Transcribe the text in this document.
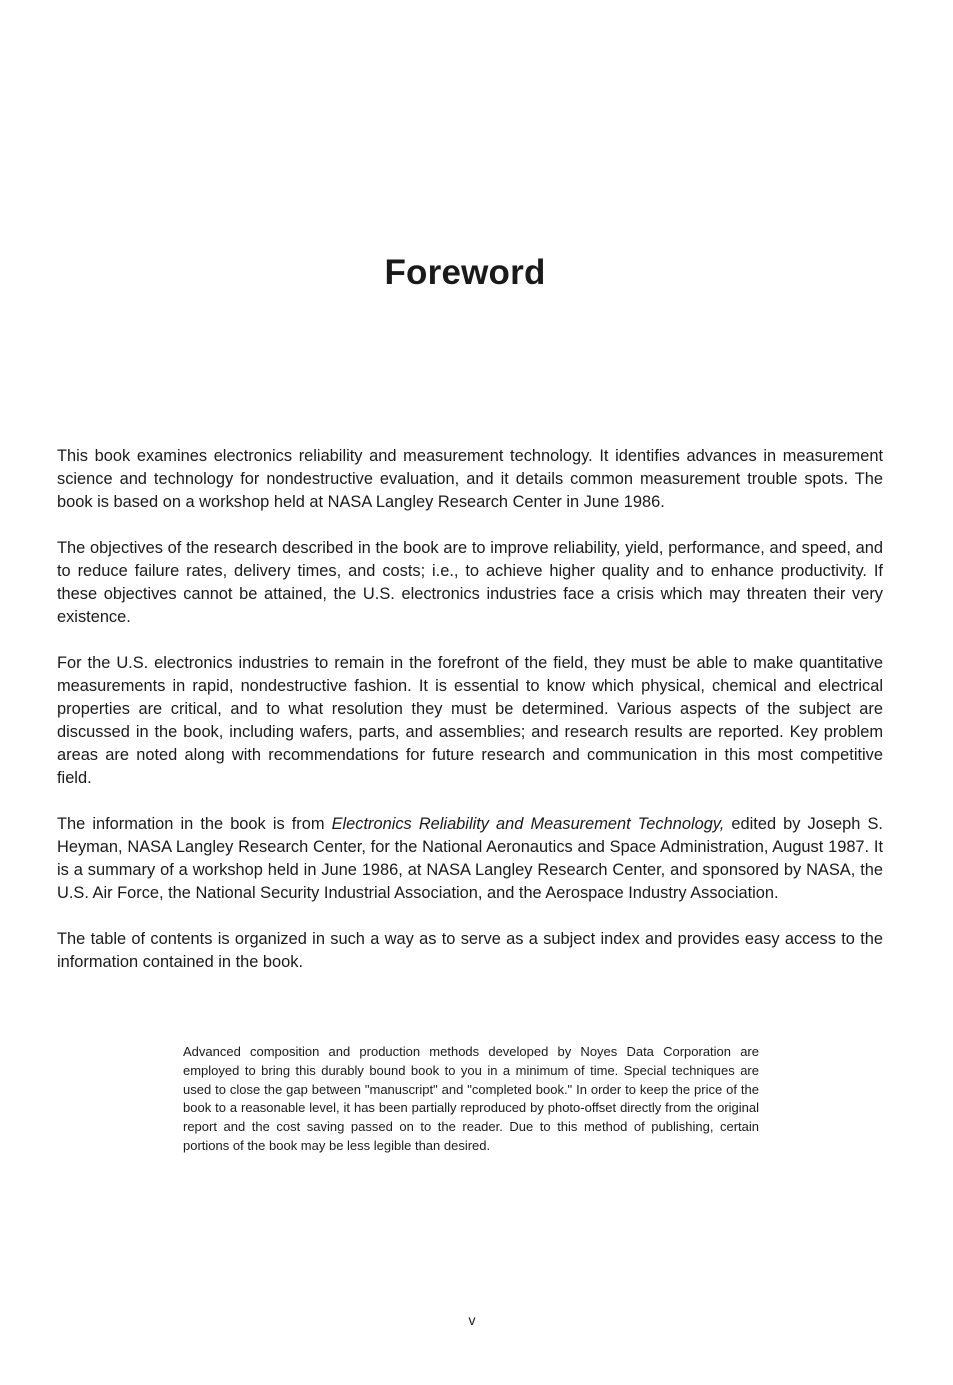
Foreword

This book examines electronics reliability and measurement technology. It identifies advances in measurement science and technology for nondestructive evaluation, and it details common measurement trouble spots. The book is based on a workshop held at NASA Langley Research Center in June 1986.

The objectives of the research described in the book are to improve reliability, yield, performance, and speed, and to reduce failure rates, delivery times, and costs; i.e., to achieve higher quality and to enhance productivity. If these objectives cannot be attained, the U.S. electronics industries face a crisis which may threaten their very existence.

For the U.S. electronics industries to remain in the forefront of the field, they must be able to make quantitative measurements in rapid, nondestructive fashion. It is essential to know which physical, chemical and electrical properties are critical, and to what resolution they must be determined. Various aspects of the subject are discussed in the book, including wafers, parts, and assemblies; and research results are reported. Key problem areas are noted along with recommendations for future research and communication in this most competitive field.

The information in the book is from Electronics Reliability and Measurement Technology, edited by Joseph S. Heyman, NASA Langley Research Center, for the National Aeronautics and Space Administration, August 1987. It is a summary of a workshop held in June 1986, at NASA Langley Research Center, and sponsored by NASA, the U.S. Air Force, the National Security Industrial Association, and the Aerospace Industry Association.

The table of contents is organized in such a way as to serve as a subject index and provides easy access to the information contained in the book.

Advanced composition and production methods developed by Noyes Data Corporation are employed to bring this durably bound book to you in a minimum of time. Special techniques are used to close the gap between "manuscript" and "completed book." In order to keep the price of the book to a reasonable level, it has been partially reproduced by photo-offset directly from the original report and the cost saving passed on to the reader. Due to this method of publishing, certain portions of the book may be less legible than desired.

v
